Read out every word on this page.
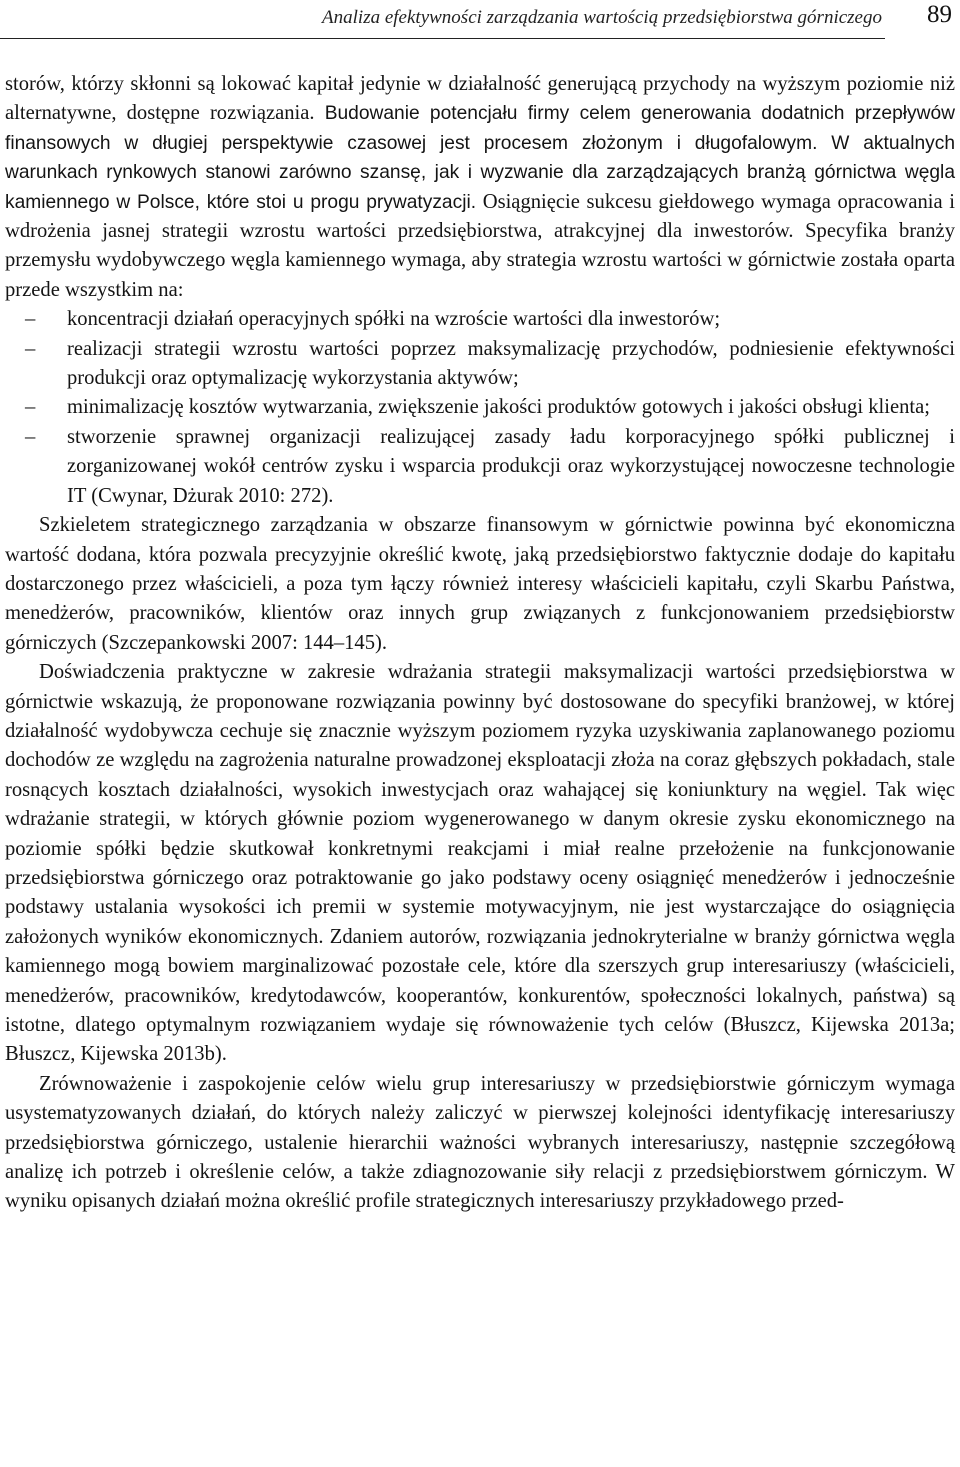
Analiza efektywności zarządzania wartością przedsiębiorstwa górniczego 89

storów, którzy skłonni są lokować kapitał jedynie w działalność generującą przychody na wyższym poziomie niż alternatywne, dostępne rozwiązania. Budowanie potencjału firmy celem generowania dodatnich przepływów finansowych w długiej perspektywie czasowej jest procesem złożonym i długofalowym. W aktualnych warunkach rynkowych stanowi zarówno szansę, jak i wyzwanie dla zarządzających branżą górnictwa węgla kamiennego w Polsce, które stoi u progu prywatyzacji. Osiągnięcie sukcesu giełdowego wymaga opracowania i wdrożenia jasnej strategii wzrostu wartości przedsiębiorstwa, atrakcyjnej dla inwestorów. Specyfika branży przemysłu wydobywczego węgla kamiennego wymaga, aby strategia wzrostu wartości w górnictwie została oparta przede wszystkim na:

– koncentracji działań operacyjnych spółki na wzroście wartości dla inwestorów;
– realizacji strategii wzrostu wartości poprzez maksymalizację przychodów, podniesienie efektywności produkcji oraz optymalizację wykorzystania aktywów;
– minimalizację kosztów wytwarzania, zwiększenie jakości produktów gotowych i jakości obsługi klienta;
– stworzenie sprawnej organizacji realizującej zasady ładu korporacyjnego spółki publicznej i zorganizowanej wokół centrów zysku i wsparcia produkcji oraz wykorzystującej nowoczesne technologie IT (Cwynar, Dżurak 2010: 272).

Szkieletem strategicznego zarządzania w obszarze finansowym w górnictwie powinna być ekonomiczna wartość dodana, która pozwala precyzyjnie określić kwotę, jaką przedsiębiorstwo faktycznie dodaje do kapitału dostarczonego przez właścicieli, a poza tym łączy również interesy właścicieli kapitału, czyli Skarbu Państwa, menedżerów, pracowników, klientów oraz innych grup związanych z funkcjonowaniem przedsiębiorstw górniczych (Szczepankowski 2007: 144–145).

Doświadczenia praktyczne w zakresie wdrażania strategii maksymalizacji wartości przedsiębiorstwa w górnictwie wskazują, że proponowane rozwiązania powinny być dostosowane do specyfiki branżowej, w której działalność wydobywcza cechuje się znacznie wyższym poziomem ryzyka uzyskiwania zaplanowanego poziomu dochodów ze względu na zagrożenia naturalne prowadzonej eksploatacji złoża na coraz głębszych pokładach, stale rosnących kosztach działalności, wysokich inwestycjach oraz wahającej się koniunktury na węgiel. Tak więc wdrażanie strategii, w których głównie poziom wygenerowanego w danym okresie zysku ekonomicznego na poziomie spółki będzie skutkował konkretnymi reakcjami i miał realne przełożenie na funkcjonowanie przedsiębiorstwa górniczego oraz potraktowanie go jako podstawy oceny osiągnięć menedżerów i jednocześnie podstawy ustalania wysokości ich premii w systemie motywacyjnym, nie jest wystarczające do osiągnięcia założonych wyników ekonomicznych. Zdaniem autorów, rozwiązania jednokryterialne w branży górnictwa węgla kamiennego mogą bowiem marginalizować pozostałe cele, które dla szerszych grup interesariuszy (właścicieli, menedżerów, pracowników, kredytodawców, kooperantów, konkurentów, społeczności lokalnych, państwa) są istotne, dlatego optymalnym rozwiązaniem wydaje się równoważenie tych celów (Błuszcz, Kijewska 2013a; Błuszcz, Kijewska 2013b).

Zrównoważenie i zaspokojenie celów wielu grup interesariuszy w przedsiębiorstwie górniczym wymaga usystematyzowanych działań, do których należy zaliczyć w pierwszej kolejności identyfikację interesariuszy przedsiębiorstwa górniczego, ustalenie hierarchii ważności wybranych interesariuszy, następnie szczegółową analizę ich potrzeb i określenie celów, a także zdiagnozowanie siły relacji z przedsiębiorstwem górniczym. W wyniku opisanych działań można określić profile strategicznych interesariuszy przykładowego przed-
